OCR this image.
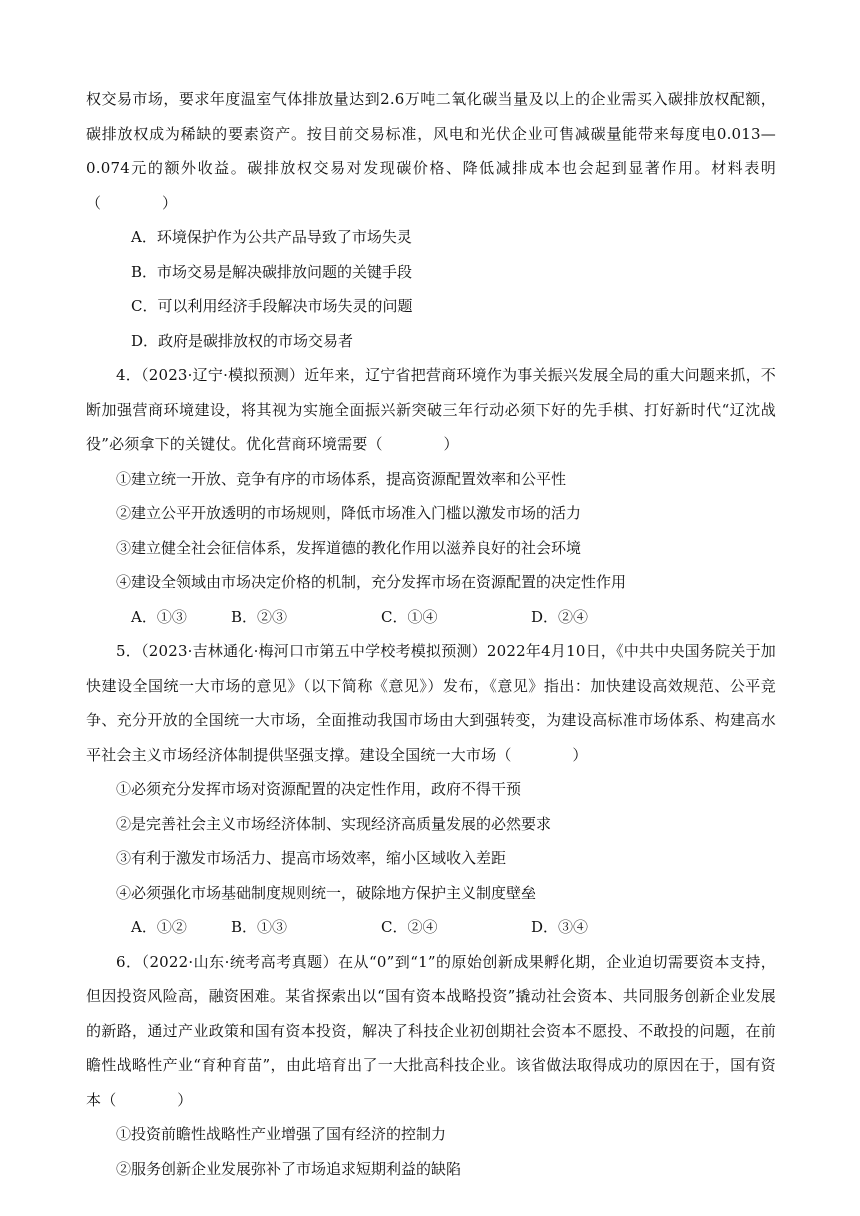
权交易市场，要求年度温室气体排放量达到2.6万吨二氧化碳当量及以上的企业需买入碳排放权配额，碳排放权成为稀缺的要素资产。按目前交易标准，风电和光伏企业可售减碳量能带来每度电0.013—0.074元的额外收益。碳排放权交易对发现碳价格、降低减排成本也会起到显著作用。材料表明（　　　　）

A．环境保护作为公共产品导致了市场失灵

B．市场交易是解决碳排放问题的关键手段

C．可以利用经济手段解决市场失灵的问题

D．政府是碳排放权的市场交易者

4．（2023·辽宁·模拟预测）近年来，辽宁省把营商环境作为事关振兴发展全局的重大问题来抓，不断加强营商环境建设，将其视为实施全面振兴新突破三年行动必须下好的先手棋、打好新时代“辽沈战役”必须拿下的关键仗。优化营商环境需要（　　　　）

①建立统一开放、竞争有序的市场体系，提高资源配置效率和公平性

②建立公平开放透明的市场规则，降低市场准入门槛以激发市场的活力

③建立健全社会征信体系，发挥道德的教化作用以滋养良好的社会环境

④建设全领域由市场决定价格的机制，充分发挥市场在资源配置的决定性作用

A．①③	B．②③	C．①④	D．②④

5．（2023·吉林通化·梅河口市第五中学校考模拟预测）2022年4月10日，《中共中央国务院关于加快建设全国统一大市场的意见》（以下简称《意见》）发布，《意见》指出：加快建设高效规范、公平竞争、充分开放的全国统一大市场，全面推动我国市场由大到强转变，为建设高标准市场体系、构建高水平社会主义市场经济体制提供坚强支撑。建设全国统一大市场（　　　　）

①必须充分发挥市场对资源配置的决定性作用，政府不得干预

②是完善社会主义市场经济体制、实现经济高质量发展的必然要求

③有利于激发市场活力、提高市场效率，缩小区域收入差距

④必须强化市场基础制度规则统一，破除地方保护主义制度壁垒

A．①②	B．①③	C．②④	D．③④

6．（2022·山东·统考高考真题）在从“0”到“1”的原始创新成果孵化期，企业迫切需要资本支持，但因投资风险高，融资困难。某省探索出以“国有资本战略投资”撬动社会资本、共同服务创新企业发展的新路，通过产业政策和国有资本投资，解决了科技企业初创期社会资本不愿投、不敢投的问题，在前瞻性战略性产业“育种育苗”，由此培育出了一大批高科技企业。该省做法取得成功的原因在于，国有资本（　　　　）

①投资前瞻性战略性产业增强了国有经济的控制力

②服务创新企业发展弥补了市场追求短期利益的缺陷
